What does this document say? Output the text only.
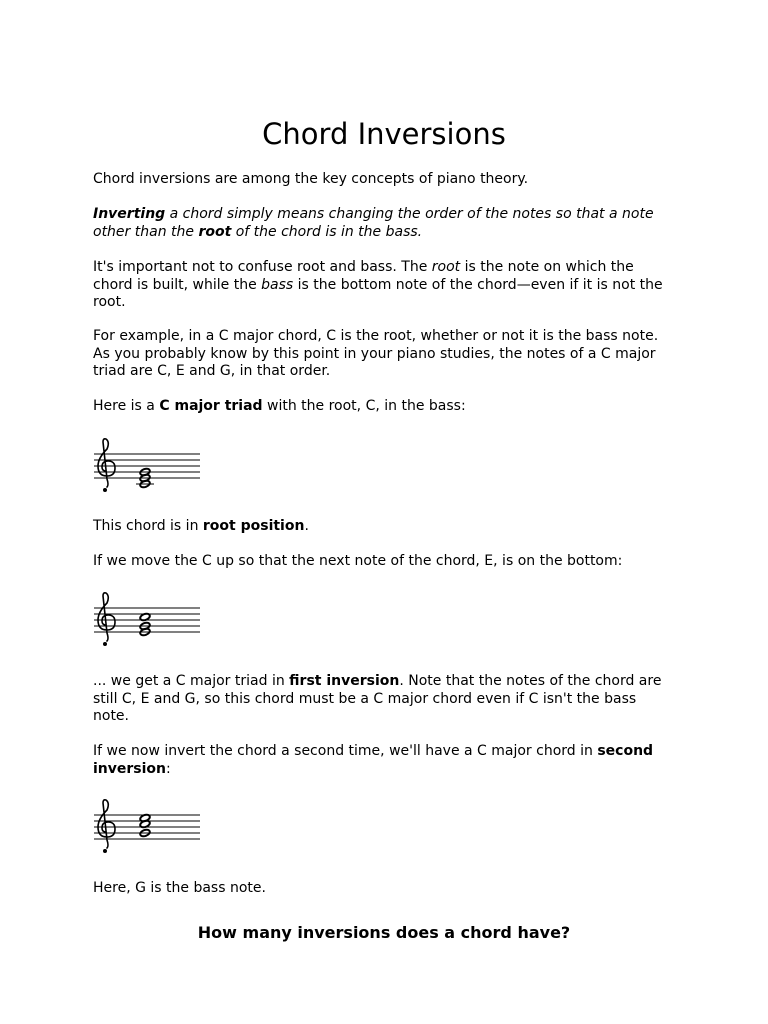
Chord Inversions

Chord inversions are among the key concepts of piano theory.

Inverting a chord simply means changing the order of the notes so that a note other than the root of the chord is in the bass.

It's important not to confuse root and bass. The root is the note on which the chord is built, while the bass is the bottom note of the chord—even if it is not the root.

For example, in a C major chord, C is the root, whether or not it is the bass note. As you probably know by this point in your piano studies, the notes of a C major triad are C, E and G, in that order.

Here is a C major triad with the root, C, in the bass:

This chord is in root position.

If we move the C up so that the next note of the chord, E, is on the bottom:

... we get a C major triad in first inversion. Note that the notes of the chord are still C, E and G, so this chord must be a C major chord even if C isn't the bass note.

If we now invert the chord a second time, we'll have a C major chord in second inversion:

Here, G is the bass note.

How many inversions does a chord have?
